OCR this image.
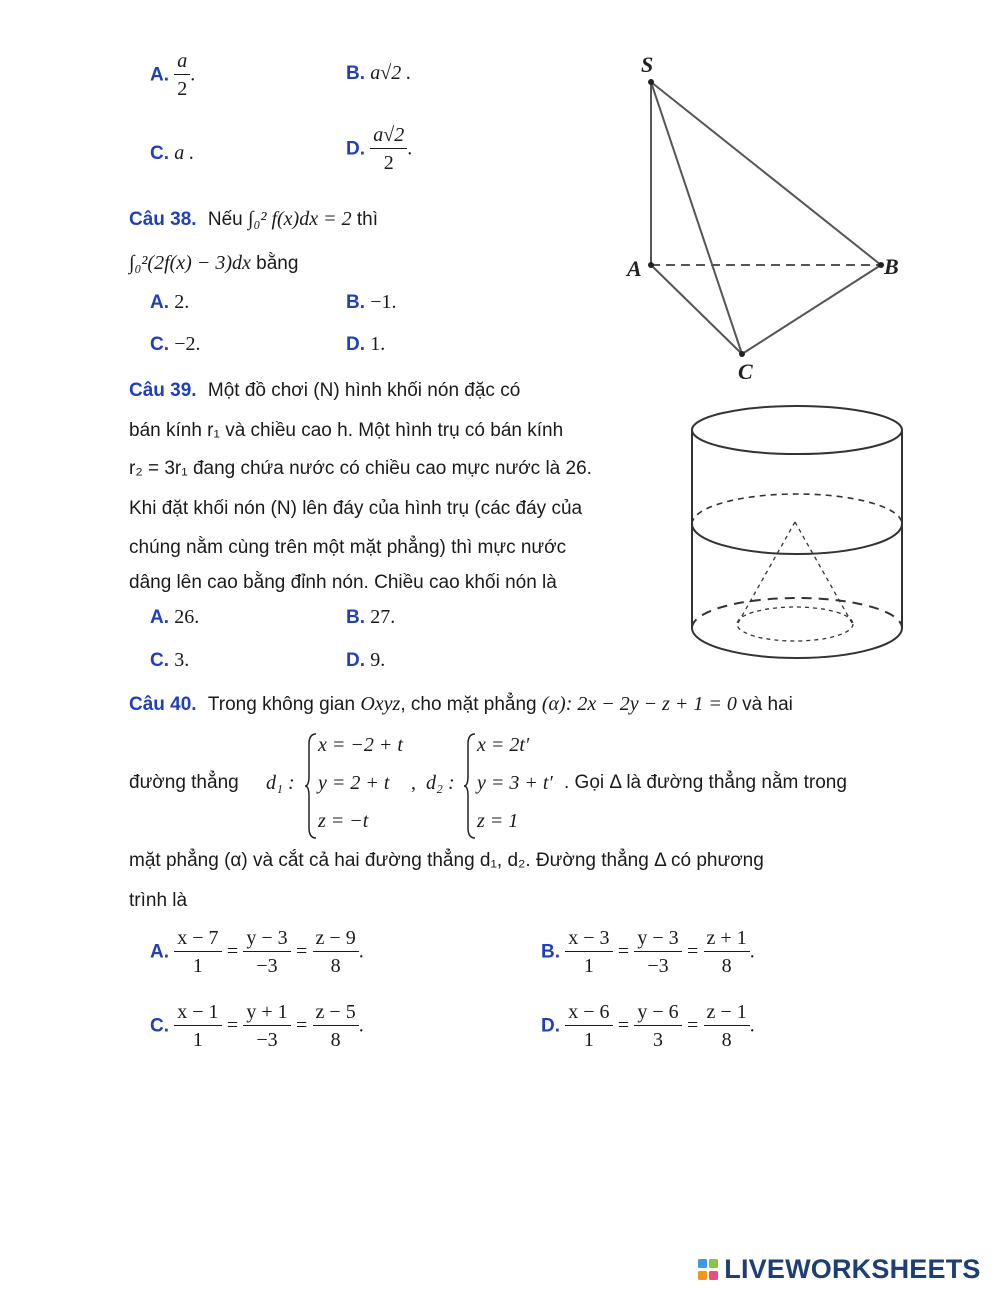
A. $\frac{a}{2}$ .	B. a√2 .
C. a .	D. $\frac{a√2}{2}$ .
Câu 38. Nếu ∫₀² f(x)dx = 2 thì
∫₀²(2f(x) − 3)dx bằng
A. 2.	B. −1.
C. −2.	D. 1.
S
A	B
C
Câu 39. Một đồ chơi (N) hình khối nón đặc có
bán kính r₁ và chiều cao h. Một hình trụ có bán kính
r₂ = 3r₁ đang chứa nước có chiều cao mực nước là 26.
Khi đặt khối nón (N) lên đáy của hình trụ (các đáy của
chúng nằm cùng trên một mặt phẳng) thì mực nước
dâng lên cao bằng đỉnh nón. Chiều cao khối nón là
A. 26.	B. 27.
C. 3.	D. 9.
Câu 40. Trong không gian Oxyz, cho mặt phẳng (α): 2x − 2y − z + 1 = 0 và hai
đường thẳng d₁ :
x = −2 + t
y = 2 + t
z = −t
, d₂ :
x = 2t′
y = 3 + t′
z = 1
. Gọi Δ là đường thẳng nằm trong
mặt phẳng (α) và cắt cả hai đường thẳng d₁, d₂. Đường thẳng Δ có phương
trình là
A. $\frac{x - 7}{1} = \frac{y - 3}{-3} = \frac{z - 9}{8}$ .	B. $\frac{x - 3}{1} = \frac{y - 3}{-3} = \frac{z + 1}{8}$ .
C. $\frac{x - 1}{1} = \frac{y + 1}{-3} = \frac{z - 5}{8}$ .	D. $\frac{x - 6}{1} = \frac{y - 6}{3} = \frac{z - 1}{8}$ .
LIVEWORKSHEETS
